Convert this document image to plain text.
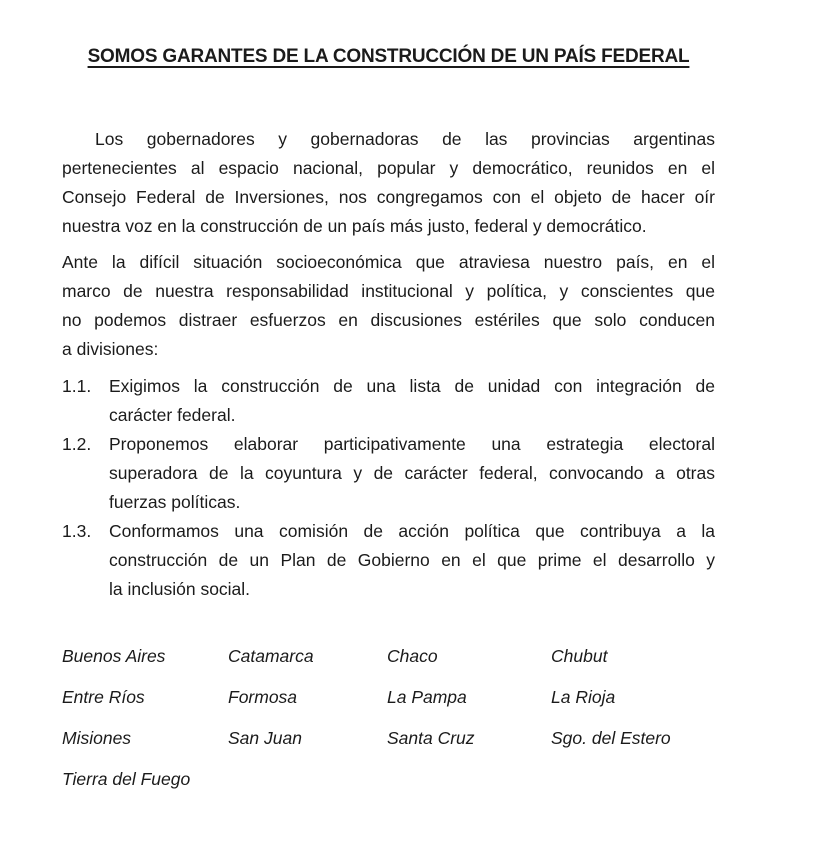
SOMOS GARANTES DE LA CONSTRUCCIÓN DE UN PAÍS FEDERAL
Los gobernadores y gobernadoras de las provincias argentinas
pertenecientes al espacio nacional, popular y democrático, reunidos en el
Consejo Federal de Inversiones, nos congregamos con el objeto de hacer oír
nuestra voz en la construcción de un país más justo, federal y democrático.
Ante la difícil situación socioeconómica que atraviesa nuestro país, en el
marco de nuestra responsabilidad institucional y política, y conscientes que
no podemos distraer esfuerzos en discusiones estériles que solo conducen
a divisiones:
1.1.	Exigimos la construcción de una lista de unidad con integración de
carácter federal.
1.2.	Proponemos elaborar participativamente una estrategia electoral
superadora de la coyuntura y de carácter federal, convocando a otras
fuerzas políticas.
1.3.	Conformamos una comisión de acción política que contribuya a la
construcción de un Plan de Gobierno en el que prime el desarrollo y
la inclusión social.
Buenos Aires	Catamarca	Chaco	Chubut
Entre Ríos	Formosa	La Pampa	La Rioja
Misiones	San Juan	Santa Cruz	Sgo. del Estero
Tierra del Fuego
